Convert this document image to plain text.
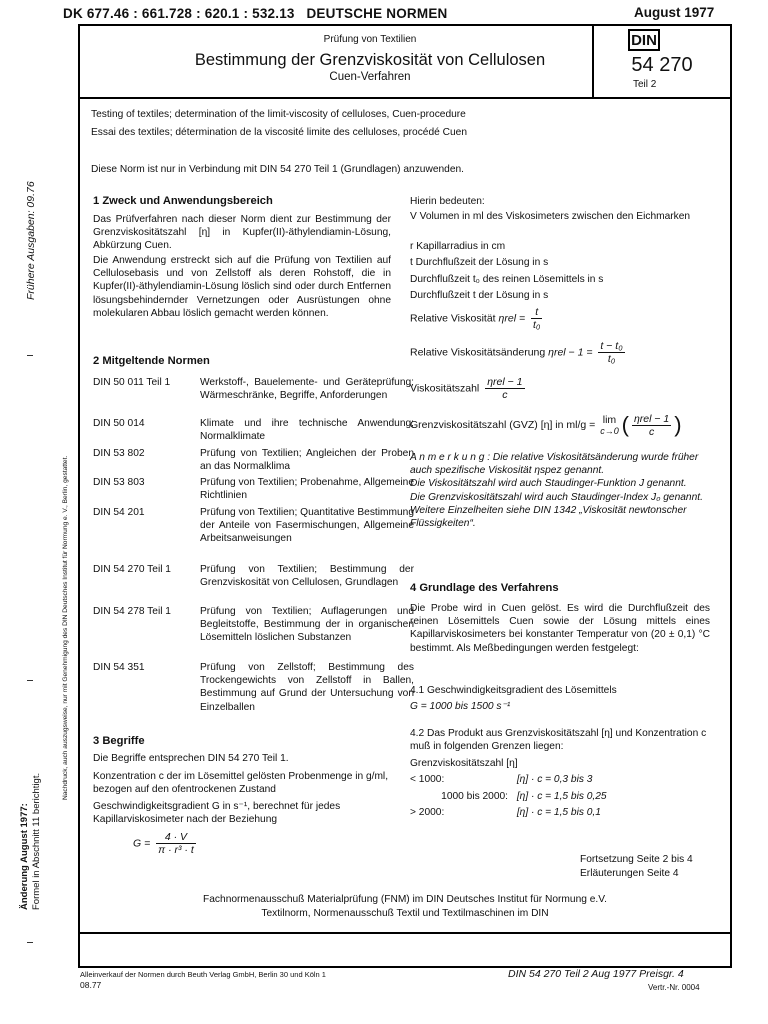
DK 677.46 : 661.728 : 620.1 : 532.13 DEUTSCHE NORMEN	August 1977
Prüfung von Textilien
Bestimmung der Grenzviskosität von Cellulosen
Cuen-Verfahren
DIN
54 270
Teil 2
Testing of textiles; determination of the limit-viscosity of celluloses, Cuen-procedure
Essai des textiles; détermination de la viscosité limite des celluloses, procédé Cuen
Diese Norm ist nur in Verbindung mit DIN 54 270 Teil 1 (Grundlagen) anzuwenden.
1 Zweck und Anwendungsbereich
Das Prüfverfahren nach dieser Norm dient zur Bestimmung der Grenzviskositätszahl [η] in Kupfer(II)-äthylendiamin-Lösung, Abkürzung Cuen.
Die Anwendung erstreckt sich auf die Prüfung von Textilien auf Cellulosebasis und von Zellstoff als deren Rohstoff, die in Kupfer(II)-äthylendiamin-Lösung löslich sind oder durch Entfernen lösungsbehindernder Vernetzungen oder Ausrüstungen ohne molekularen Abbau löslich gemacht werden können.
2 Mitgeltende Normen
DIN 50 011 Teil 1	Werkstoff-, Bauelemente- und Geräteprüfung; Wärmeschränke, Begriffe, Anforderungen
DIN 50 014	Klimate und ihre technische Anwendung; Normalklimate
DIN 53 802	Prüfung von Textilien; Angleichen der Proben an das Normalklima
DIN 53 803	Prüfung von Textilien; Probenahme, Allgemeine Richtlinien
DIN 54 201	Prüfung von Textilien; Quantitative Bestimmung der Anteile von Fasermischungen, Allgemeine Arbeitsanweisungen
DIN 54 270 Teil 1	Prüfung von Textilien; Bestimmung der Grenzviskosität von Cellulosen, Grundlagen
DIN 54 278 Teil 1	Prüfung von Textilien; Auflagerungen und Begleitstoffe, Bestimmung der in organischen Lösemitteln löslichen Substanzen
DIN 54 351	Prüfung von Zellstoff; Bestimmung des Trockengewichts von Zellstoff in Ballen, Bestimmung auf Grund der Untersuchung von Einzelballen
3 Begriffe
Die Begriffe entsprechen DIN 54 270 Teil 1.
Konzentration c der im Lösemittel gelösten Probenmenge in g/ml, bezogen auf den ofentrockenen Zustand
Geschwindigkeitsgradient G in s⁻¹, berechnet für jedes Kapillarviskosimeter nach der Beziehung
$G = \frac{4 \cdot V}{\text{π · r³ · t}}$
Hierin bedeuten:
V Volumen in ml des Viskosimeters zwischen den Eichmarken
r Kapillarradius in cm
t Durchflußzeit der Lösung in s
Durchflußzeit t₀ des reinen Lösemittels in s
Durchflußzeit t der Lösung in s
Relative Viskosität $\eta rel = \frac{t}{\text{t₀}}$
Relative Viskositätsänderung $\eta rel - 1 = \frac{\text{t − t₀}}{\text{t₀}}$
Viskositätszahl $\frac{\text{ηrel − 1}}{c}$
Grenzviskositätszahl (GVZ) [η] in ml/g = lim
c→0 ( $\frac{\text{ηrel − 1}}{c}$ )
A n m e r k u n g : Die relative Viskositätsänderung wurde früher auch spezifische Viskosität ηspez genannt.
Die Viskositätszahl wird auch Staudinger-Funktion J genannt.
Die Grenzviskositätszahl wird auch Staudinger-Index J₀ genannt.
Weitere Einzelheiten siehe DIN 1342 „Viskosität newtonscher Flüssigkeiten“.
4 Grundlage des Verfahrens
Die Probe wird in Cuen gelöst. Es wird die Durchflußzeit des reinen Lösemittels Cuen sowie der Lösung mittels eines Kapillarviskosimeters bei konstanter Temperatur von (20 ± 0,1) °C bestimmt. Als Meßbedingungen werden festgelegt:
4.1 Geschwindigkeitsgradient des Lösemittels
G = 1000 bis 1500 s⁻¹
4.2 Das Produkt aus Grenzviskositätszahl [η] und Konzentration c muß in folgenden Grenzen liegen:
Grenzviskositätszahl [η]
< 1000:	[η] · c = 0,3 bis 3
1000 bis 2000: [η] · c = 1,5 bis 0,25
> 2000:	[η] · c = 1,5 bis 0,1
Fortsetzung Seite 2 bis 4
Erläuterungen Seite 4
Fachnormenausschuß Materialprüfung (FNM) im DIN Deutsches Institut für Normung e.V.
Textilnorm, Normenausschuß Textil und Textilmaschinen im DIN
Frühere Ausgaben: 09.76
Nachdruck, auch auszugsweise, nur mit Genehmigung des DIN Deutsches Institut für Normung e. V., Berlin, gestattet.
Änderung August 1977: Formel in Abschnitt 11 berichtigt.
Alleinverkauf der Normen durch Beuth Verlag GmbH, Berlin 30 und Köln 1
08.77
DIN 54 270 Teil 2 Aug 1977 Preisgr. 4
Vertr.-Nr. 0004
